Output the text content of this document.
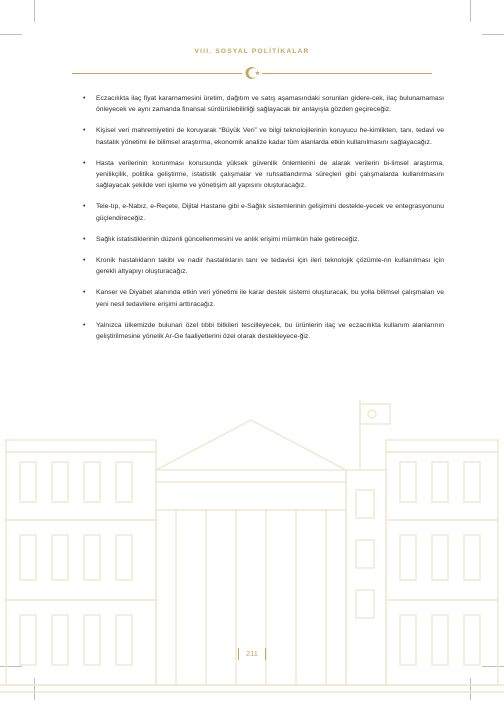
VIII. SOSYAL POLİTİKALAR
• Eczacılıkta ilaç fiyat kararnamesini üretim, dağıtım ve satış aşamasındaki sorunları gidere-cek, ilaç bulunamaması önleyecek ve aynı zamanda finansal sürdürülebilirliği sağlayacak bir anlayışla gözden geçireceğiz.
• Kişisel veri mahremiyetini de koruyarak “Büyük Veri” ve bilgi teknolojilerinin koruyucu he-kimlikten, tanı, tedavi ve hastalık yönetimi ile bilimsel araştırma, ekonomik analize kadar tüm alanlarda etkin kullanılmasını sağlayacağız.
• Hasta verilerinin korunması konusunda yüksek güvenlik önlemlerini de alarak verilerin bi-limsel araştırma, yenilikçilik, politika geliştirme, istatistik çalışmalar ve ruhsatlandırma süreçleri gibi çalışmalarda kullanılmasını sağlayacak şekilde veri işleme ve yönetişim alt yapısını oluşturacağız.
• Tele-tıp, e-Nabız, e-Reçete, Dijital Hastane gibi e-Sağlık sistemlerinin gelişimini destekle-yecek ve entegrasyonunu güçlendireceğiz.
• Sağlık istatistiklerinin düzenli güncellenmesini ve anlık erişimi mümkün hale getireceğiz.
• Kronik hastalıkların takibi ve nadir hastalıkların tanı ve tedavisi için ileri teknolojik çözümle-rin kullanılması için gerekli altyapıyı oluşturacağız.
• Kanser ve Diyabet alanında etkin veri yönetimi ile karar destek sistemi oluşturacak, bu yolla bilimsel çalışmaları ve yeni nesil tedavilere erişimi arttıracağız.
• Yalnızca ülkemizde bulunan özel tıbbi bitkileri tescilleyecek, bu ürünlerin ilaç ve eczacılıkta kullanım alanlarının geliştirilmesine yönelik Ar-Ge faaliyetlerini özel olarak destekleyece-ğiz.
211
